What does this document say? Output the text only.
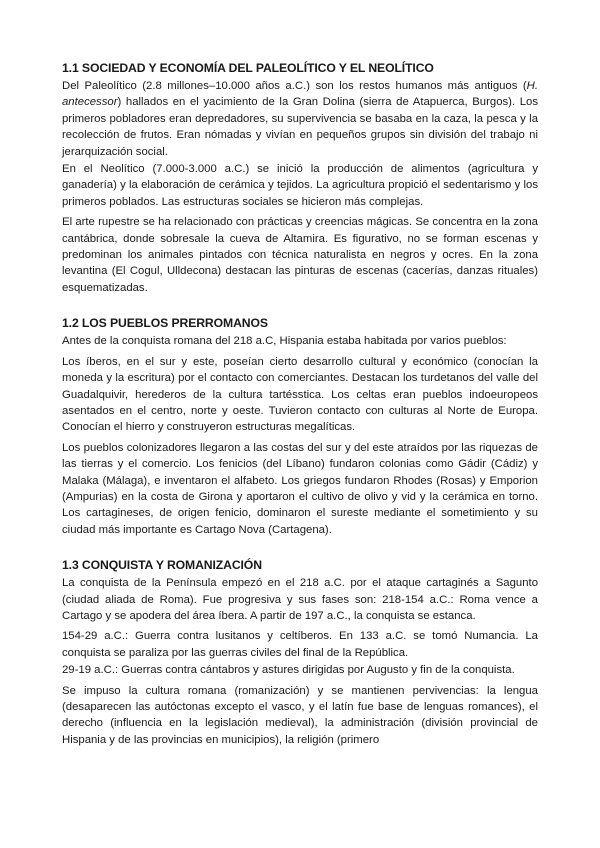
1.1 SOCIEDAD Y ECONOMÍA DEL PALEOLÍTICO Y EL NEOLÍTICO

Del Paleolítico (2.8 millones–10.000 años a.C.) son los restos humanos más antiguos (H. antecessor) hallados en el yacimiento de la Gran Dolina (sierra de Atapuerca, Burgos). Los primeros pobladores eran depredadores, su supervivencia se basaba en la caza, la pesca y la recolección de frutos. Eran nómadas y vivían en pequeños grupos sin división del trabajo ni jerarquización social.

En el Neolítico (7.000-3.000 a.C.) se inició la producción de alimentos (agricultura y ganadería) y la elaboración de cerámica y tejidos. La agricultura propició el sedentarismo y los primeros poblados. Las estructuras sociales se hicieron más complejas.

El arte rupestre se ha relacionado con prácticas y creencias mágicas. Se concentra en la zona cantábrica, donde sobresale la cueva de Altamira. Es figurativo, no se forman escenas y predominan los animales pintados con técnica naturalista en negros y ocres. En la zona levantina (El Cogul, Ulldecona) destacan las pinturas de escenas (cacerías, danzas rituales) esquematizadas.

1.2 LOS PUEBLOS PRERROMANOS

Antes de la conquista romana del 218 a.C, Hispania estaba habitada por varios pueblos:

Los íberos, en el sur y este, poseían cierto desarrollo cultural y económico (conocían la moneda y la escritura) por el contacto con comerciantes. Destacan los turdetanos del valle del Guadalquivir, herederos de la cultura tartésstica. Los celtas eran pueblos indoeuropeos asentados en el centro, norte y oeste. Tuvieron contacto con culturas al Norte de Europa. Conocían el hierro y construyeron estructuras megalíticas.

Los pueblos colonizadores llegaron a las costas del sur y del este atraídos por las riquezas de las tierras y el comercio. Los fenicios (del Líbano) fundaron colonias como Gádir (Cádiz) y Malaka (Málaga), e inventaron el alfabeto. Los griegos fundaron Rhodes (Rosas) y Emporion (Ampurias) en la costa de Girona y aportaron el cultivo de olivo y vid y la cerámica en torno. Los cartagineses, de origen fenicio, dominaron el sureste mediante el sometimiento y su ciudad más importante es Cartago Nova (Cartagena).

1.3 CONQUISTA Y ROMANIZACIÓN

La conquista de la Península empezó en el 218 a.C. por el ataque cartaginés a Sagunto (ciudad aliada de Roma). Fue progresiva y sus fases son: 218-154 a.C.: Roma vence a Cartago y se apodera del área íbera. A partir de 197 a.C., la conquista se estanca.

154-29 a.C.: Guerra contra lusitanos y celtíberos. En 133 a.C. se tomó Numancia. La conquista se paraliza por las guerras civiles del final de la República.

29-19 a.C.: Guerras contra cántabros y astures dirigidas por Augusto y fin de la conquista.

Se impuso la cultura romana (romanización) y se mantienen pervivencias: la lengua (desaparecen las autóctonas excepto el vasco, y el latín fue base de lenguas romances), el derecho (influencia en la legislación medieval), la administración (división provincial de Hispania y de las provincias en municipios), la religión (primero
